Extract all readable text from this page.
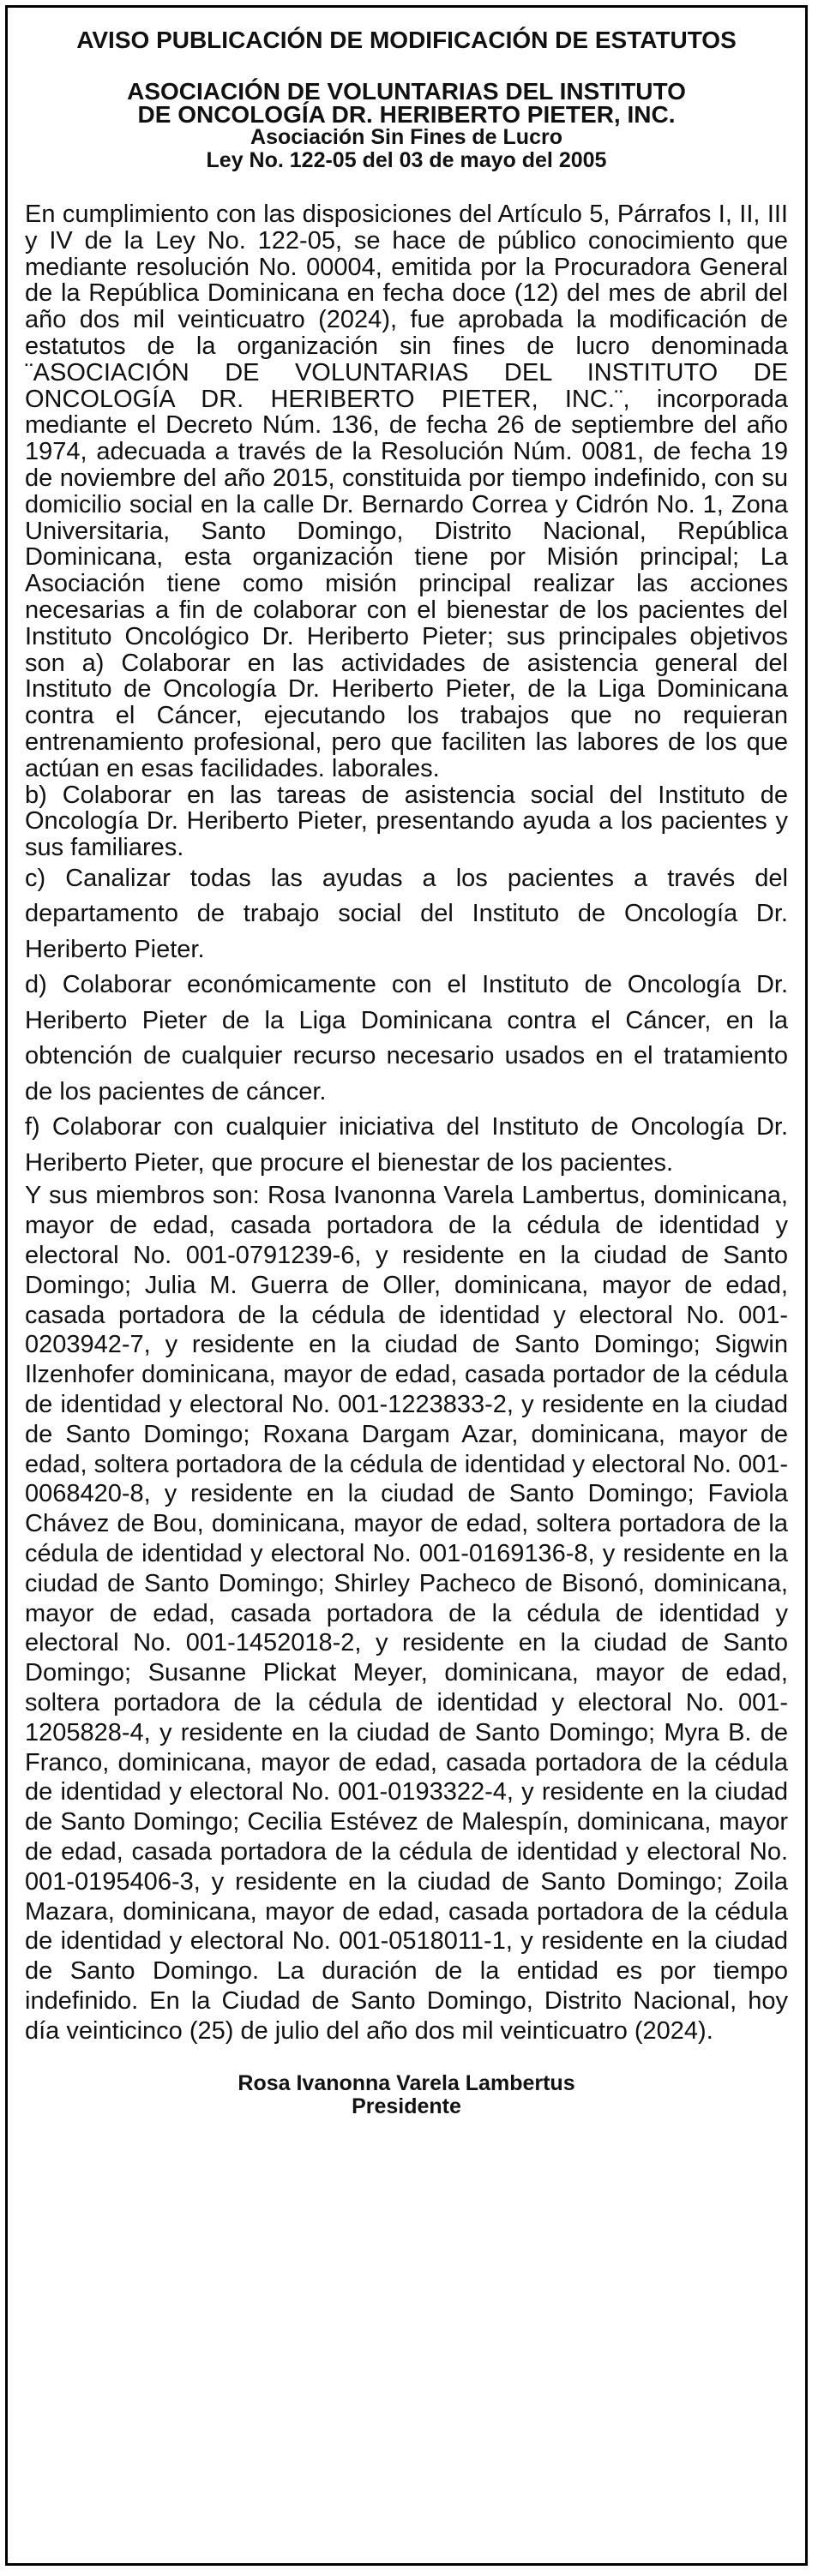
AVISO PUBLICACIÓN DE MODIFICACIÓN DE ESTATUTOS

ASOCIACIÓN DE VOLUNTARIAS DEL INSTITUTO DE ONCOLOGÍA DR. HERIBERTO PIETER, INC.

Asociación Sin Fines de Lucro

Ley No. 122-05 del 03 de mayo del 2005

En cumplimiento con las disposiciones del Artículo 5, Párrafos I, II, III y IV de la Ley No. 122-05, se hace de público conocimiento que mediante resolución No. 00004, emitida por la Procuradora General de la República Dominicana en fecha doce (12) del mes de abril del año dos mil veinticuatro (2024), fue aprobada la modificación de estatutos de la organización sin fines de lucro denominada ¨ASOCIACIÓN DE VOLUNTARIAS DEL INSTITUTO DE ONCOLOGÍA DR. HERIBERTO PIETER, INC.¨, incorporada mediante el Decreto Núm. 136, de fecha 26 de septiembre del año 1974, adecuada a través de la Resolución Núm. 0081, de fecha 19 de noviembre del año 2015, constituida por tiempo indefinido, con su domicilio social en la calle Dr. Bernardo Correa y Cidrón No. 1, Zona Universitaria, Santo Domingo, Distrito Nacional, República Dominicana, esta organización tiene por Misión principal; La Asociación tiene como misión principal realizar las acciones necesarias a fin de colaborar con el bienestar de los pacientes del Instituto Oncológico Dr. Heriberto Pieter; sus principales objetivos son a) Colaborar en las actividades de asistencia general del Instituto de Oncología Dr. Heriberto Pieter, de la Liga Dominicana contra el Cáncer, ejecutando los trabajos que no requieran entrenamiento profesional, pero que faciliten las labores de los que actúan en esas facilidades. laborales.

b) Colaborar en las tareas de asistencia social del Instituto de Oncología Dr. Heriberto Pieter, presentando ayuda a los pacientes y sus familiares.

c) Canalizar todas las ayudas a los pacientes a través del departamento de trabajo social del Instituto de Oncología Dr. Heriberto Pieter.

d) Colaborar económicamente con el Instituto de Oncología Dr. Heriberto Pieter de la Liga Dominicana contra el Cáncer, en la obtención de cualquier recurso necesario usados en el tratamiento de los pacientes de cáncer.

f) Colaborar con cualquier iniciativa del Instituto de Oncología Dr. Heriberto Pieter, que procure el bienestar de los pacientes.

Y sus miembros son: Rosa Ivanonna Varela Lambertus, dominicana, mayor de edad, casada portadora de la cédula de identidad y electoral No. 001-0791239-6, y residente en la ciudad de Santo Domingo; Julia M. Guerra de Oller, dominicana, mayor de edad, casada portadora de la cédula de identidad y electoral No. 001-0203942-7, y residente en la ciudad de Santo Domingo; Sigwin Ilzenhofer dominicana, mayor de edad, casada portador de la cédula de identidad y electoral No. 001-1223833-2, y residente en la ciudad de Santo Domingo; Roxana Dargam Azar, dominicana, mayor de edad, soltera portadora de la cédula de identidad y electoral No. 001-0068420-8, y residente en la ciudad de Santo Domingo; Faviola Chávez de Bou, dominicana, mayor de edad, soltera portadora de la cédula de identidad y electoral No. 001-0169136-8, y residente en la ciudad de Santo Domingo; Shirley Pacheco de Bisonó, dominicana, mayor de edad, casada portadora de la cédula de identidad y electoral No. 001-1452018-2, y residente en la ciudad de Santo Domingo; Susanne Plickat Meyer, dominicana, mayor de edad, soltera portadora de la cédula de identidad y electoral No. 001-1205828-4, y residente en la ciudad de Santo Domingo; Myra B. de Franco, dominicana, mayor de edad, casada portadora de la cédula de identidad y electoral No. 001-0193322-4, y residente en la ciudad de Santo Domingo; Cecilia Estévez de Malespín, dominicana, mayor de edad, casada portadora de la cédula de identidad y electoral No. 001-0195406-3, y residente en la ciudad de Santo Domingo; Zoila Mazara, dominicana, mayor de edad, casada portadora de la cédula de identidad y electoral No. 001-0518011-1, y residente en la ciudad de Santo Domingo. La duración de la entidad es por tiempo indefinido. En la Ciudad de Santo Domingo, Distrito Nacional, hoy día veinticinco (25) de julio del año dos mil veinticuatro (2024).

Rosa Ivanonna Varela Lambertus
Presidente
